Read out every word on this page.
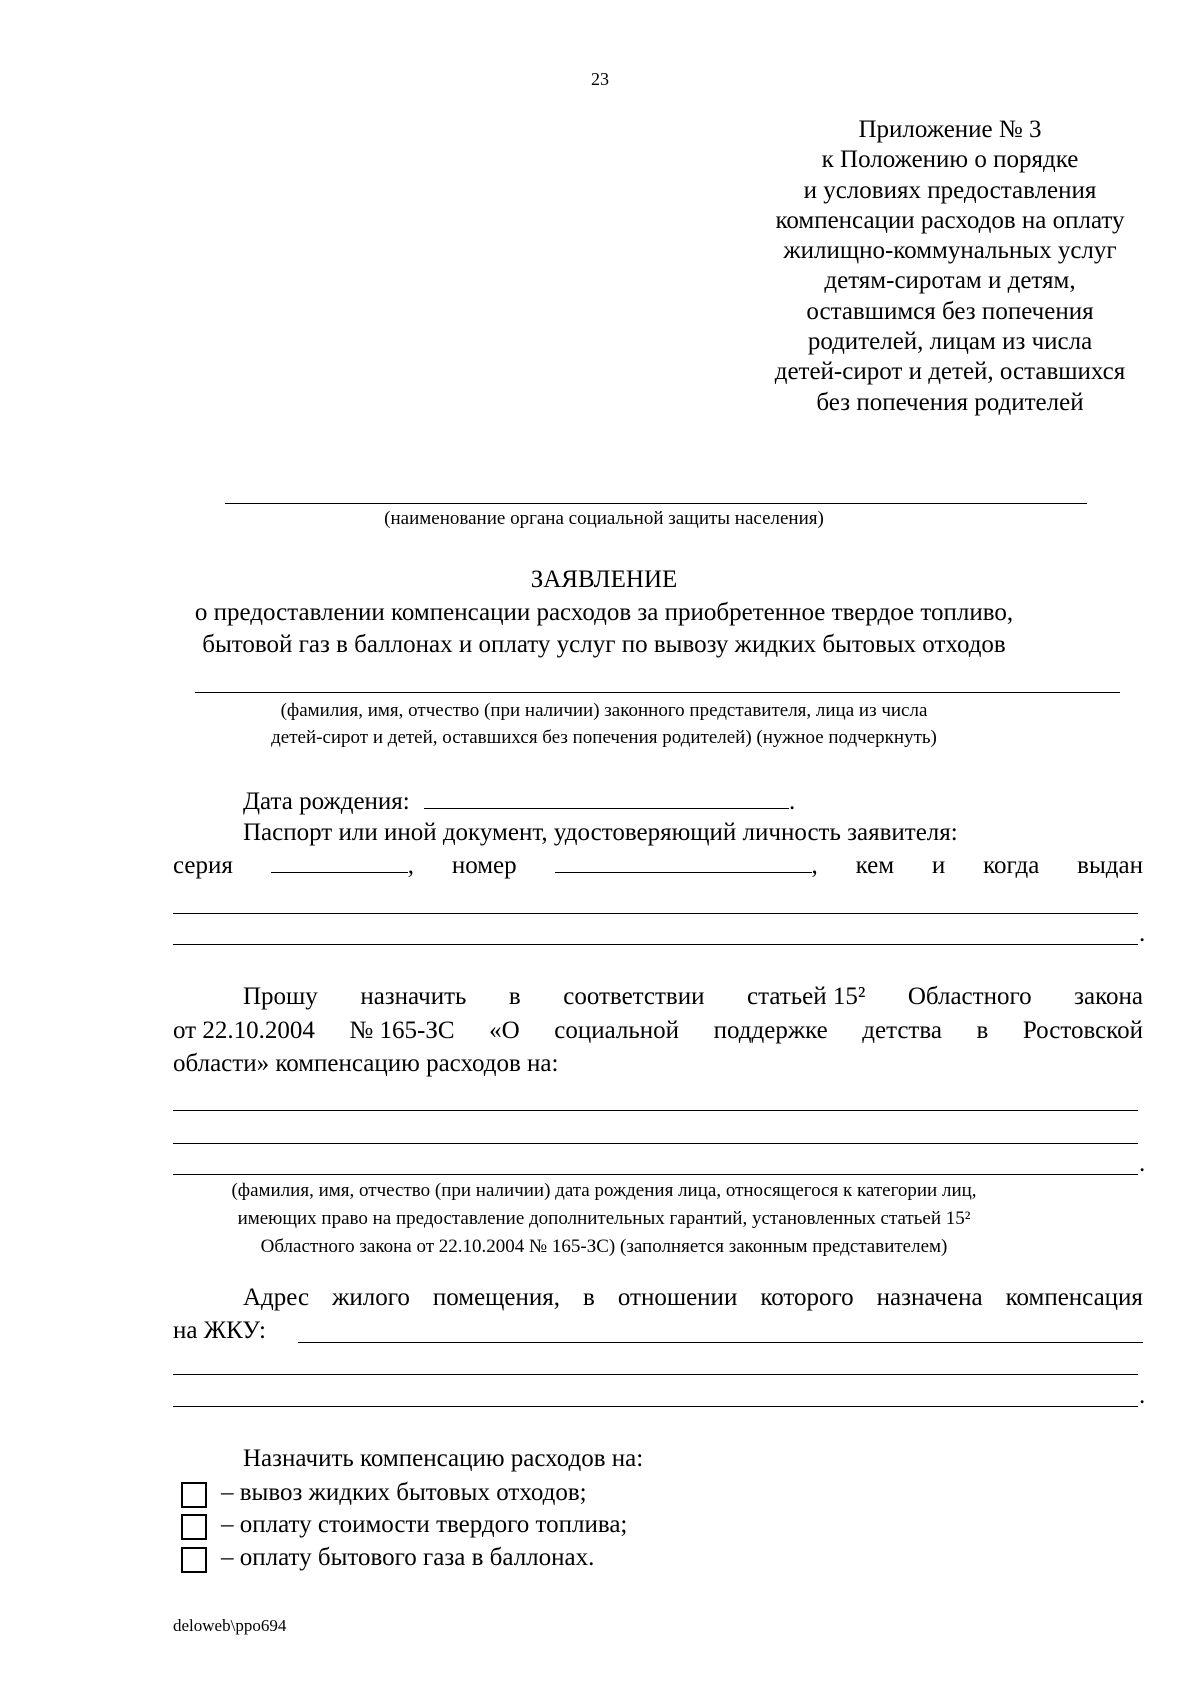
23
Приложение № 3
к Положению о порядке
и условиях предоставления
компенсации расходов на оплату
жилищно-коммунальных услуг
детям-сиротам и детям,
оставшимся без попечения
родителей, лицам из числа
детей-сирот и детей, оставшихся
без попечения родителей
(наименование органа социальной защиты населения)
ЗАЯВЛЕНИЕ
о предоставлении компенсации расходов за приобретенное твердое топливо,
бытовой газ в баллонах и оплату услуг по вывозу жидких бытовых отходов
(фамилия, имя, отчество (при наличии) законного представителя, лица из числа
детей-сирот и детей, оставшихся без попечения родителей) (нужное подчеркнуть)
Дата рождения:	.
Паспорт или иной документ, удостоверяющий личность заявителя:
серия	, номер	, кем и когда выдан
.
Прошу назначить в соответствии статьей 15² Областного закона
от 22.10.2004 № 165-ЗС «О социальной поддержке детства в Ростовской
области» компенсацию расходов на:
.
(фамилия, имя, отчество (при наличии) дата рождения лица, относящегося к категории лиц,
имеющих право на предоставление дополнительных гарантий, установленных статьей 15²
Областного закона от 22.10.2004 № 165-ЗС) (заполняется законным представителем)
Адрес жилого помещения, в отношении которого назначена компенсация
на ЖКУ:
.
Назначить компенсацию расходов на:
– вывоз жидких бытовых отходов;
– оплату стоимости твердого топлива;
– оплату бытового газа в баллонах.
deloweb\ppo694
